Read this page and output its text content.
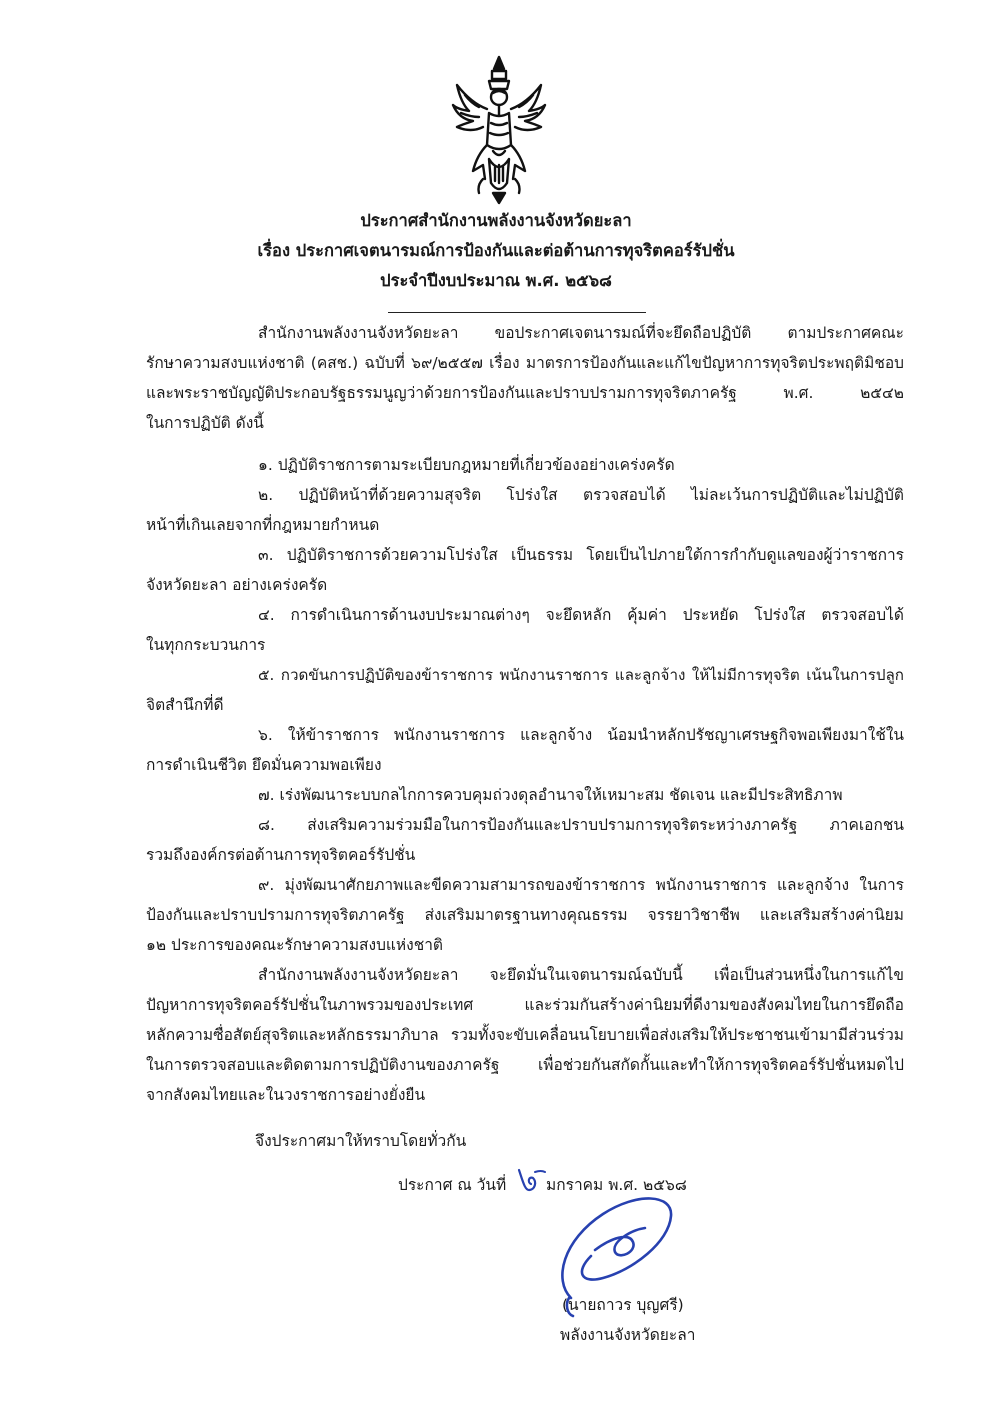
ประกาศสำนักงานพลังงานจังหวัดยะลา
เรื่อง ประกาศเจตนารมณ์การป้องกันและต่อต้านการทุจริตคอร์รัปชั่น
ประจำปีงบประมาณ พ.ศ. ๒๕๖๘
สำนักงานพลังงานจังหวัดยะลา ขอประกาศเจตนารมณ์ที่จะยึดถือปฏิบัติ ตามประกาศคณะ
รักษาความสงบแห่งชาติ (คสช.) ฉบับที่ ๖๙/๒๕๕๗ เรื่อง มาตรการป้องกันและแก้ไขปัญหาการทุจริตประพฤติมิชอบ
และพระราชบัญญัติประกอบรัฐธรรมนูญว่าด้วยการป้องกันและปราบปรามการทุจริตภาครัฐ พ.ศ. ๒๕๔๒
ในการปฏิบัติ ดังนี้
๑. ปฏิบัติราชการตามระเบียบกฎหมายที่เกี่ยวข้องอย่างเคร่งครัด
๒. ปฏิบัติหน้าที่ด้วยความสุจริต โปร่งใส ตรวจสอบได้ ไม่ละเว้นการปฏิบัติและไม่ปฏิบัติ
หน้าที่เกินเลยจากที่กฎหมายกำหนด
๓. ปฏิบัติราชการด้วยความโปร่งใส เป็นธรรม โดยเป็นไปภายใต้การกำกับดูแลของผู้ว่าราชการ
จังหวัดยะลา อย่างเคร่งครัด
๔. การดำเนินการด้านงบประมาณต่างๆ จะยึดหลัก คุ้มค่า ประหยัด โปร่งใส ตรวจสอบได้
ในทุกกระบวนการ
๕. กวดขันการปฏิบัติของข้าราชการ พนักงานราชการ และลูกจ้าง ให้ไม่มีการทุจริต เน้นในการปลูก
จิตสำนึกที่ดี
๖. ให้ข้าราชการ พนักงานราชการ และลูกจ้าง น้อมนำหลักปรัชญาเศรษฐกิจพอเพียงมาใช้ใน
การดำเนินชีวิต ยึดมั่นความพอเพียง
๗. เร่งพัฒนาระบบกลไกการควบคุมถ่วงดุลอำนาจให้เหมาะสม ชัดเจน และมีประสิทธิภาพ
๘. ส่งเสริมความร่วมมือในการป้องกันและปราบปรามการทุจริตระหว่างภาครัฐ ภาคเอกชน
รวมถึงองค์กรต่อต้านการทุจริตคอร์รัปชั่น
๙. มุ่งพัฒนาศักยภาพและขีดความสามารถของข้าราชการ พนักงานราชการ และลูกจ้าง ในการ
ป้องกันและปราบปรามการทุจริตภาครัฐ ส่งเสริมมาตรฐานทางคุณธรรม จรรยาวิชาชีพ และเสริมสร้างค่านิยม
๑๒ ประการของคณะรักษาความสงบแห่งชาติ
สำนักงานพลังงานจังหวัดยะลา จะยึดมั่นในเจตนารมณ์ฉบับนี้ เพื่อเป็นส่วนหนึ่งในการแก้ไข
ปัญหาการทุจริตคอร์รัปชั่นในภาพรวมของประเทศ และร่วมกันสร้างค่านิยมที่ดีงามของสังคมไทยในการยึดถือ
หลักความซื่อสัตย์สุจริตและหลักธรรมาภิบาล รวมทั้งจะขับเคลื่อนนโยบายเพื่อส่งเสริมให้ประชาชนเข้ามามีส่วนร่วม
ในการตรวจสอบและติดตามการปฏิบัติงานของภาครัฐ เพื่อช่วยกันสกัดกั้นและทำให้การทุจริตคอร์รัปชั่นหมดไป
จากสังคมไทยและในวงราชการอย่างยั่งยืน
จึงประกาศมาให้ทราบโดยทั่วกัน
ประกาศ ณ วันที่	มกราคม พ.ศ. ๒๕๖๘
(นายถาวร บุญศรี)
พลังงานจังหวัดยะลา
